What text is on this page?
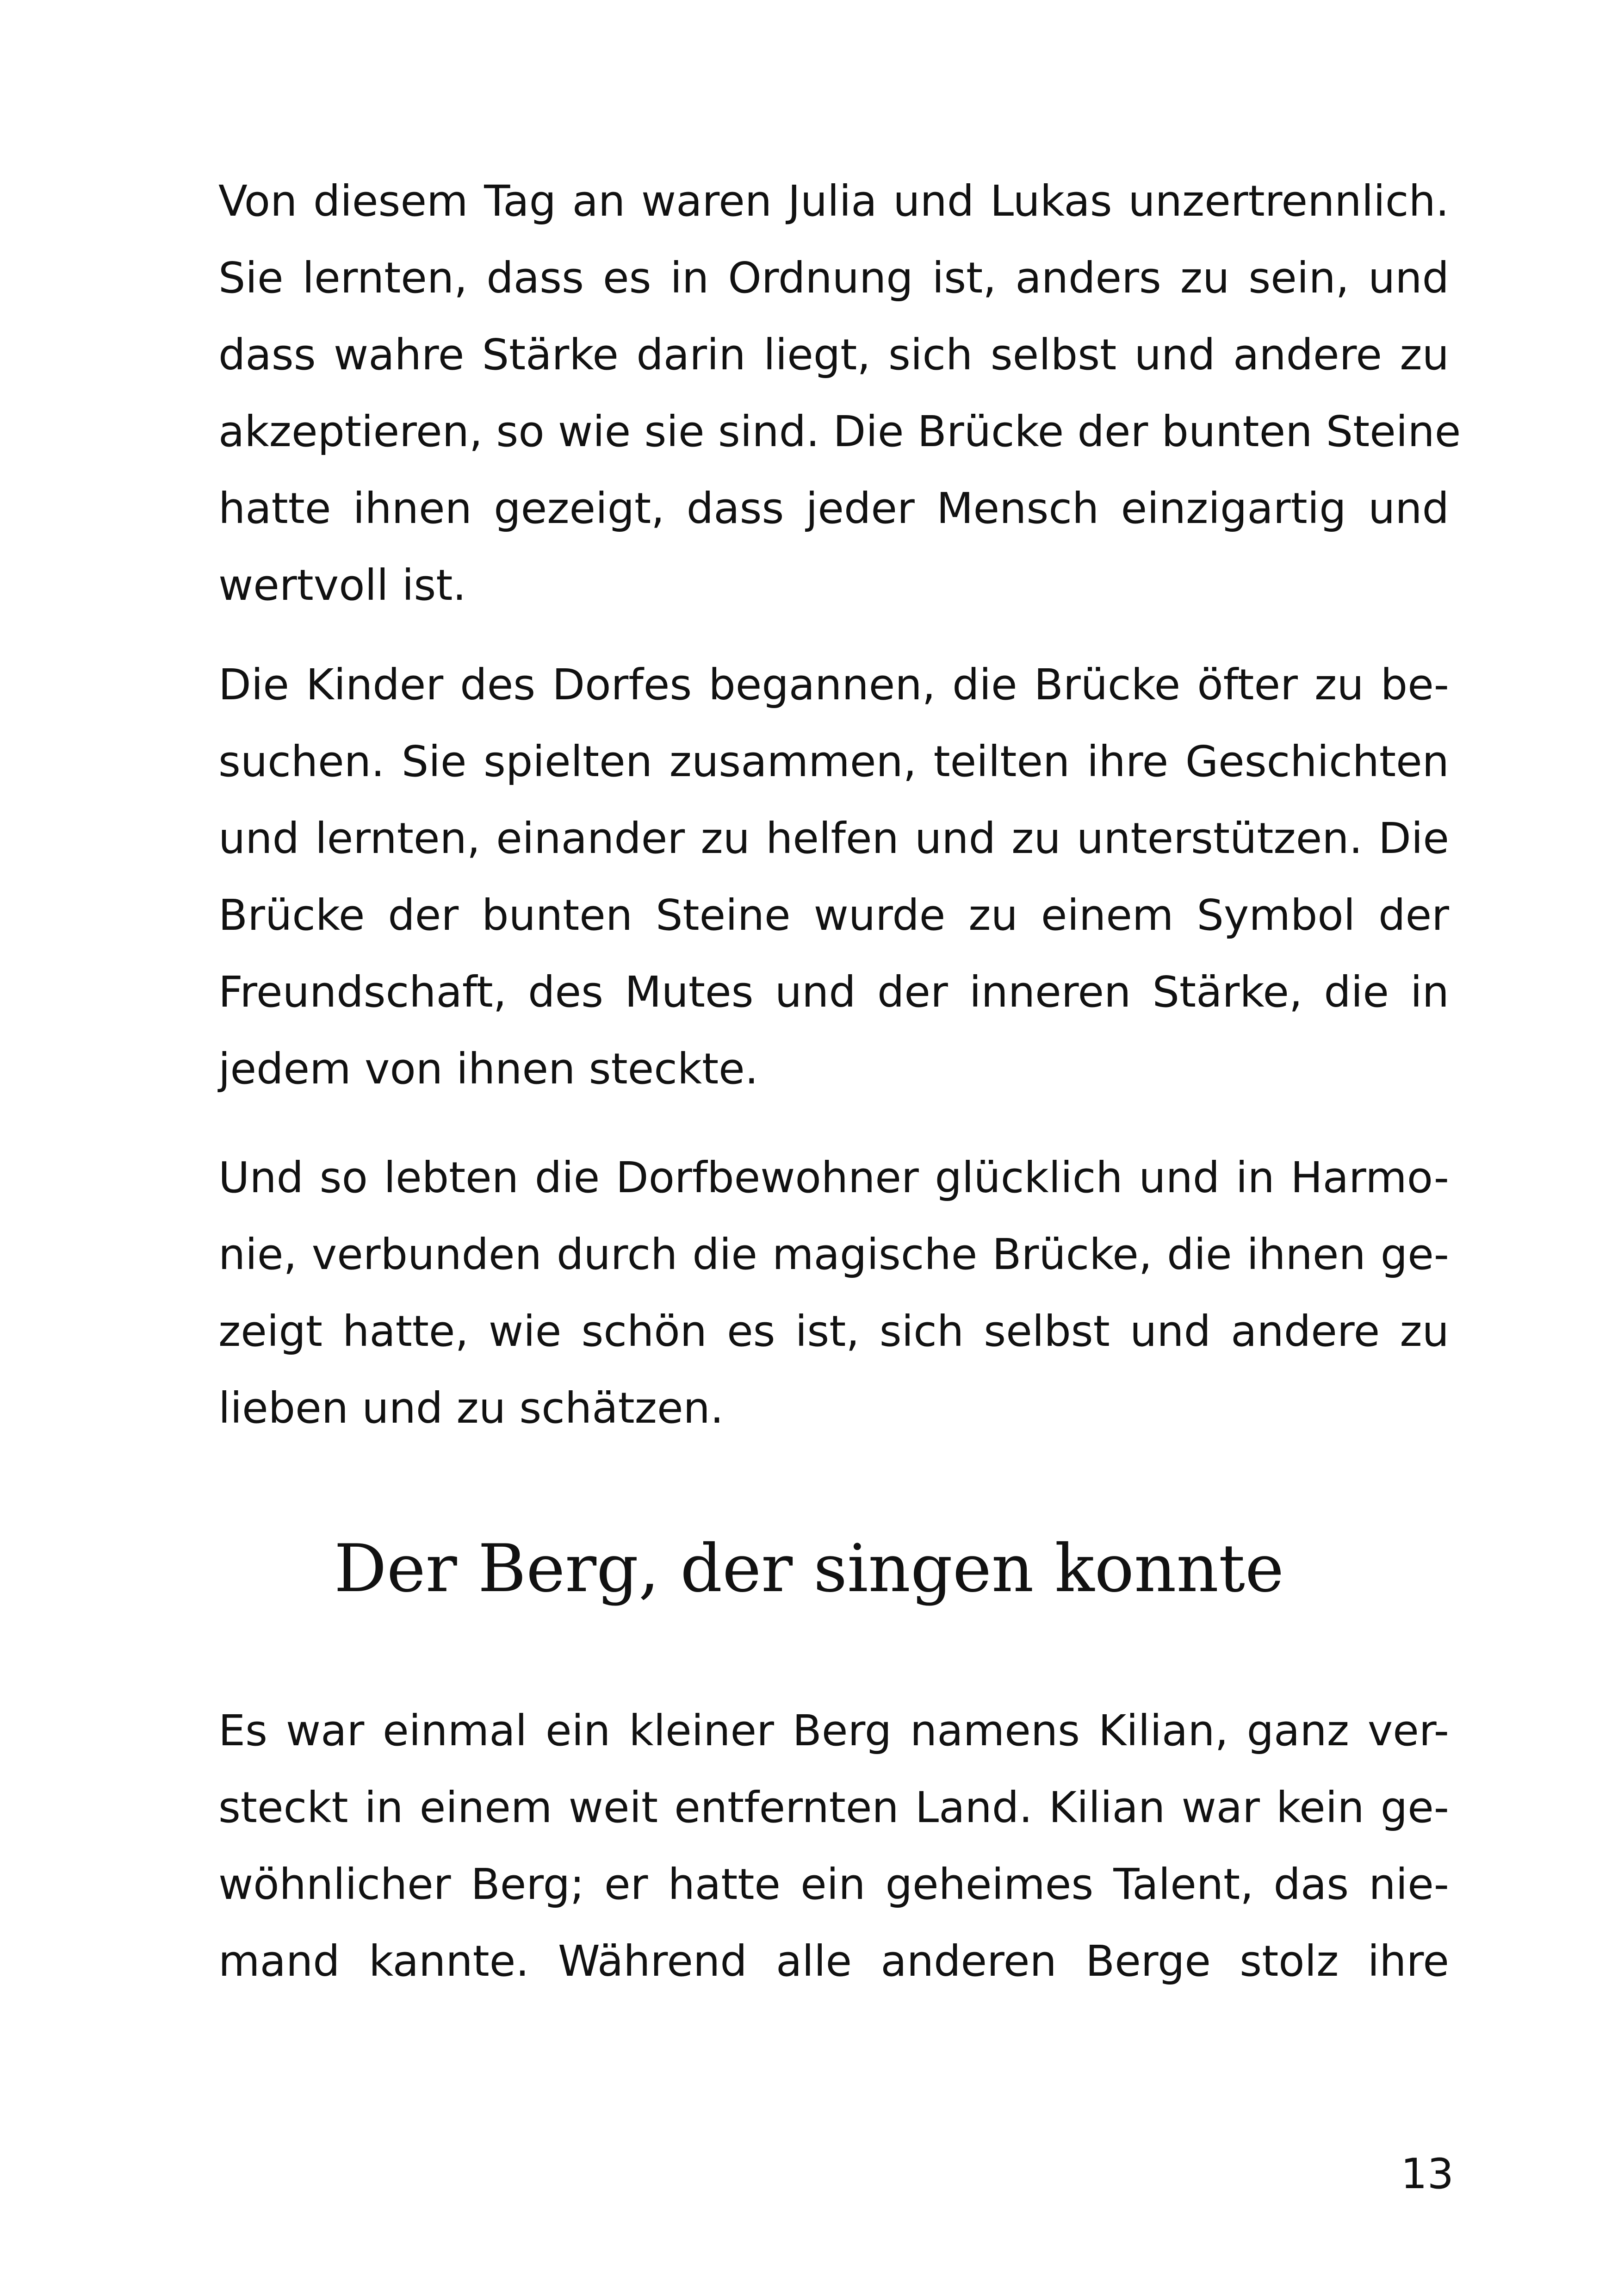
Von diesem Tag an waren Julia und Lukas unzertrennlich.
Sie lernten, dass es in Ordnung ist, anders zu sein, und
dass wahre Stärke darin liegt, sich selbst und andere zu
akzeptieren, so wie sie sind. Die Brücke der bunten Steine
hatte ihnen gezeigt, dass jeder Mensch einzigartig und
wertvoll ist.

Die Kinder des Dorfes begannen, die Brücke öfter zu be-
suchen. Sie spielten zusammen, teilten ihre Geschichten
und lernten, einander zu helfen und zu unterstützen. Die
Brücke der bunten Steine wurde zu einem Symbol der
Freundschaft, des Mutes und der inneren Stärke, die in
jedem von ihnen steckte.

Und so lebten die Dorfbewohner glücklich und in Harmo-
nie, verbunden durch die magische Brücke, die ihnen ge-
zeigt hatte, wie schön es ist, sich selbst und andere zu
lieben und zu schätzen.

Der Berg, der singen konnte

Es war einmal ein kleiner Berg namens Kilian, ganz ver-
steckt in einem weit entfernten Land. Kilian war kein ge-
wöhnlicher Berg; er hatte ein geheimes Talent, das nie-
mand kannte. Während alle anderen Berge stolz ihre

13
